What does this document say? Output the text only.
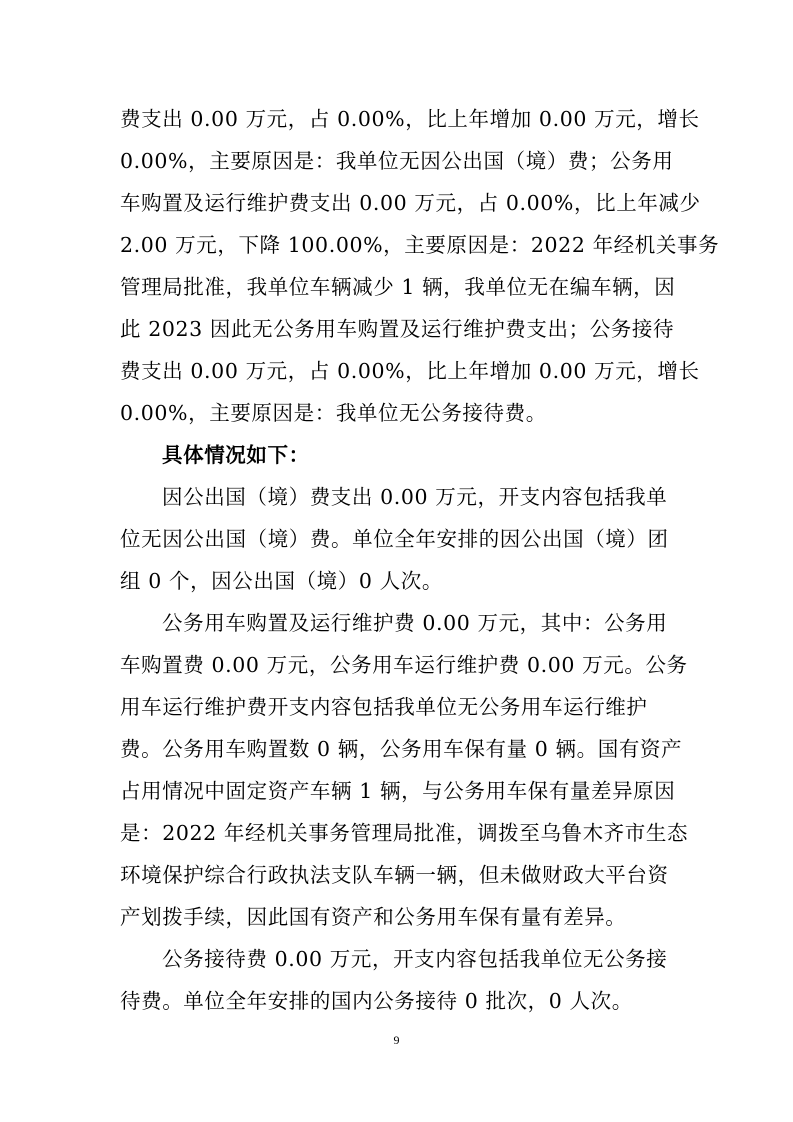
费支出 0.00 万元，占 0.00%，比上年增加 0.00 万元，增长
0.00%，主要原因是：我单位无因公出国（境）费；公务用
车购置及运行维护费支出 0.00 万元，占 0.00%，比上年减少
2.00 万元，下降 100.00%，主要原因是：2022 年经机关事务
管理局批准，我单位车辆减少 1 辆，我单位无在编车辆，因
此 2023 因此无公务用车购置及运行维护费支出；公务接待
费支出 0.00 万元，占 0.00%，比上年增加 0.00 万元，增长
0.00%，主要原因是：我单位无公务接待费。
具体情况如下：
因公出国（境）费支出 0.00 万元，开支内容包括我单
位无因公出国（境）费。单位全年安排的因公出国（境）团
组 0 个，因公出国（境）0 人次。
公务用车购置及运行维护费 0.00 万元，其中：公务用
车购置费 0.00 万元，公务用车运行维护费 0.00 万元。公务
用车运行维护费开支内容包括我单位无公务用车运行维护
费。公务用车购置数 0 辆，公务用车保有量 0 辆。国有资产
占用情况中固定资产车辆 1 辆，与公务用车保有量差异原因
是：2022 年经机关事务管理局批准，调拨至乌鲁木齐市生态
环境保护综合行政执法支队车辆一辆，但未做财政大平台资
产划拨手续，因此国有资产和公务用车保有量有差异。
公务接待费 0.00 万元，开支内容包括我单位无公务接
待费。单位全年安排的国内公务接待 0 批次，0 人次。
9
